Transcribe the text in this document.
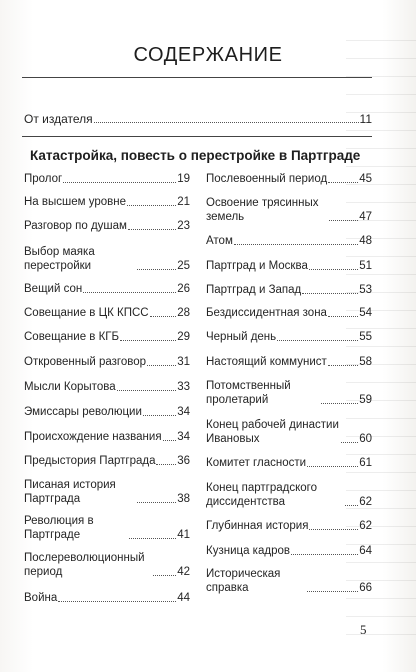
СОДЕРЖАНИЕ
От издателя	11
Катастройка, повесть о перестройке в Партграде
Пролог	19
На высшем уровне	21
Разговор по душам	23
Выбор маяка перестройки	25
Вещий сон	26
Совещание в ЦК КПСС 28
Совещание в КГБ	29
Откровенный разговор	31
Мысли Корытова	33
Эмиссары революции	34
Происхождение названия 34
Предыстория Партграда 36
Писаная история Партграда	38
Революция в Партграде	41
Послереволюционный период	42
Война	44
Послевоенный период	45
Освоение трясинных земель	47
Атом	48
Партград и Москва	51
Партград и Запад	53
Бездиссидентная зона	54
Черный день	55
Настоящий коммунист	58
Потомственный пролетарий	59
Конец рабочей династии Ивановых	60
Комитет гласности	61
Конец партградского диссидентства	62
Глубинная история	62
Кузница кадров	64
Историческая справка	66
5
